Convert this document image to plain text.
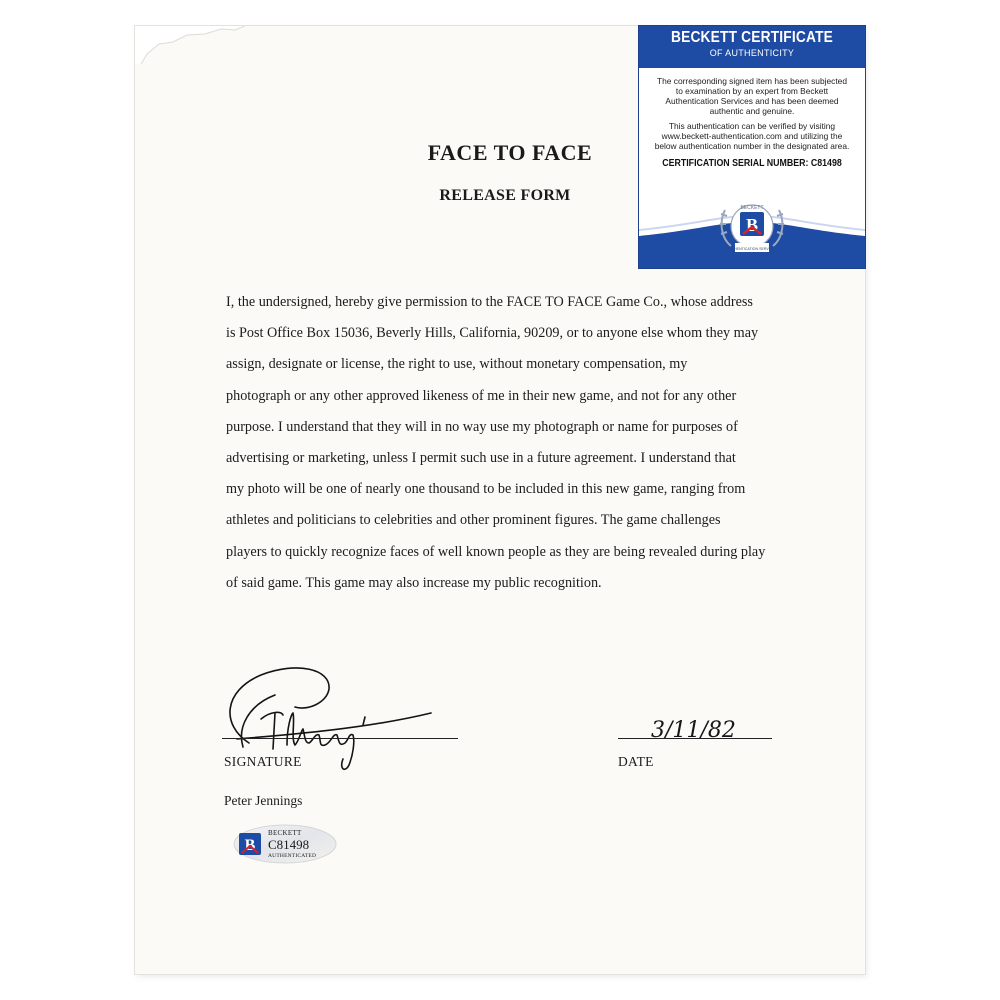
FACE TO FACE
RELEASE FORM
I, the undersigned, hereby give permission to the FACE TO FACE Game Co., whose address
is Post Office Box 15036, Beverly Hills, California, 90209, or to anyone else whom they may
assign, designate or license, the right to use, without monetary compensation, my
photograph or any other approved likeness of me in their new game, and not for any other
purpose. I understand that they will in no way use my photograph or name for purposes of
advertising or marketing, unless I permit such use in a future agreement. I understand that
my photo will be one of nearly one thousand to be included in this new game, ranging from
athletes and politicians to celebrities and other prominent figures. The game challenges
players to quickly recognize faces of well known people as they are being revealed during play
of said game. This game may also increase my public recognition.
SIGNATURE
3/11/82
DATE
Peter Jennings
B
BECKETT
C81498
AUTHENTICATED
BECKETT CERTIFICATE
OF AUTHENTICITY
The corresponding signed item has been subjected to examination by an expert from Beckett Authentication Services and has been deemed authentic and genuine.
This authentication can be verified by visiting www.beckett-authentication.com and utilizing the below authentication number in the designated area.
CERTIFICATION SERIAL NUMBER: C81498
B
BECKETT
AUTHENTICATION SERVICES
